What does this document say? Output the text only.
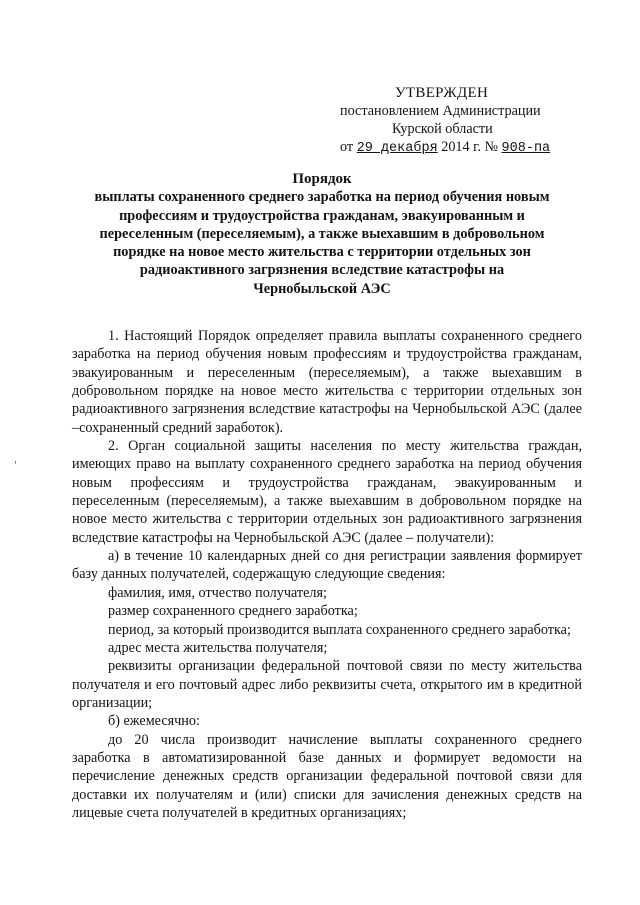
УТВЕРЖДЕН
постановлением Администрации
Курской области
от 29 декабря 2014 г. № 908-па
Порядок
выплаты сохраненного среднего заработка на период обучения новым
профессиям и трудоустройства гражданам, эвакуированным и
переселенным (переселяемым), а также выехавшим в добровольном
порядке на новое место жительства с территории отдельных зон
радиоактивного загрязнения вследствие катастрофы на
Чернобыльской АЭС

1. Настоящий Порядок определяет правила выплаты сохраненного среднего заработка на период обучения новым профессиям и трудоустройства гражданам, эвакуированным и переселенным (переселяемым), а также выехавшим в добровольном порядке на новое место жительства с территории отдельных зон радиоактивного загрязнения вследствие катастрофы на Чернобыльской АЭС (далее –сохраненный средний заработок).

2. Орган социальной защиты населения по месту жительства граждан, имеющих право на выплату сохраненного среднего заработка на период обучения новым профессиям и трудоустройства гражданам, эвакуированным и переселенным (переселяемым), а также выехавшим в добровольном порядке на новое место жительства с территории отдельных зон радиоактивного загрязнения вследствие катастрофы на Чернобыльской АЭС (далее – получатели):

а) в течение 10 календарных дней со дня регистрации заявления формирует базу данных получателей, содержащую следующие сведения:

фамилия, имя, отчество получателя;

размер сохраненного среднего заработка;

период, за который производится выплата сохраненного среднего заработка;

адрес места жительства получателя;

реквизиты организации федеральной почтовой связи по месту жительства получателя и его почтовый адрес либо реквизиты счета, открытого им в кредитной организации;

б) ежемесячно:

до 20 числа производит начисление выплаты сохраненного среднего заработка в автоматизированной базе данных и формирует ведомости на перечисление денежных средств организации федеральной почтовой связи для доставки их получателям и (или) списки для зачисления денежных средств на лицевые счета получателей в кредитных организациях;

'
